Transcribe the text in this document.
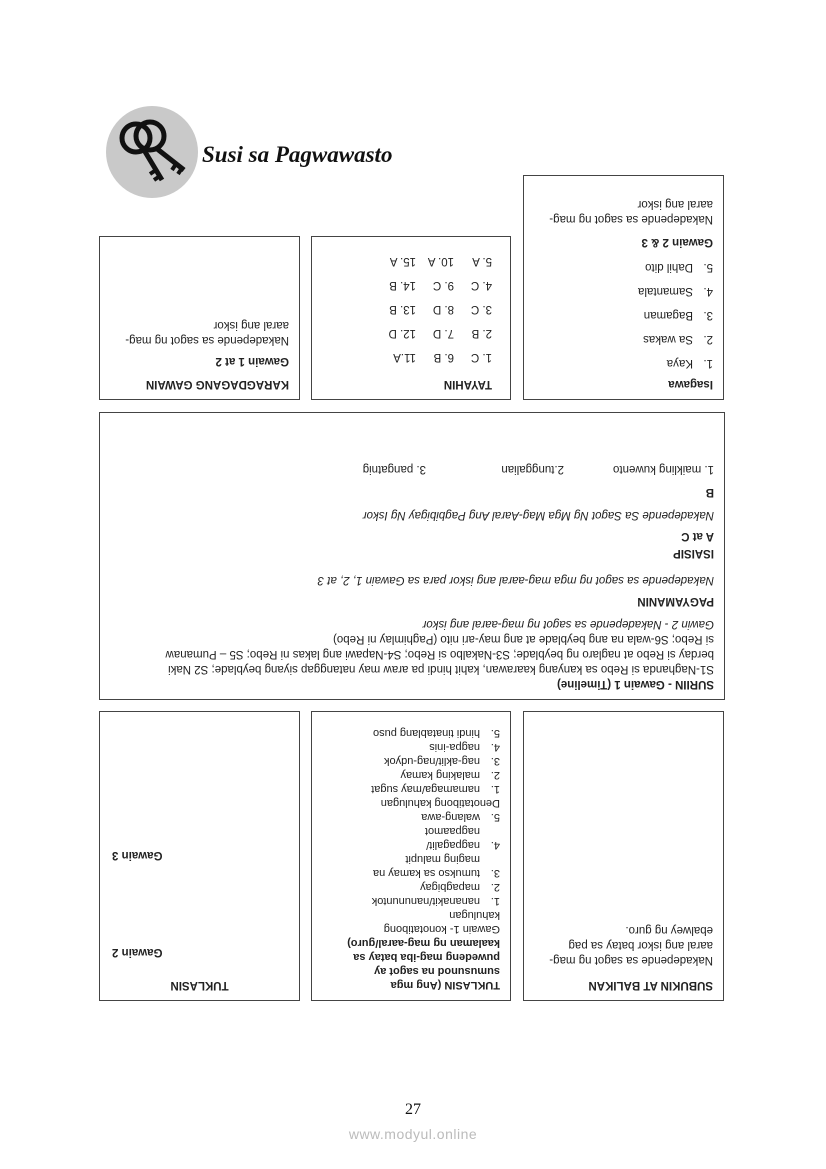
Susi sa Pagwawasto
Isagawa
1.
Kaya
2.
Sa wakas
3.
Bagaman
4.
Samantala
5.
Dahil dito
Gawain 2 & 3
Nakadepende sa sagot ng mag-
aaral ang iskor
TAYAHIN
1. C
6. B
11.A
2. B
7. D
12. D
3. C
8. D
13. B
4. C
9. C
14. B
5. A
10. A
15. A
KARAGDAGANG GAWAIN
Gawain 1 at 2
Nakadepende sa sagot ng mag-
aaral ang iskor
SURIIN - Gawain 1 (Timeline)
S1-Naghanda si Rebo sa kanyang kaarawan, kahit hindi pa araw may natanggap siyang beyblade; S2 Naki
berday si Rebo at naglaro ng beyblade; S3-Nakalbo si Rebo; S4-Napawi ang lakas ni Rebo; S5 – Pumanaw
si Rebo; S6-wala na ang beyblade at ang may-ari nito (Paghimlay ni Rebo)
Gawin 2 - Nakadepende sa sagot ng mag-aaral ang iskor
PAGYAMANIN
Nakadepende sa sagot ng mga mag-aaral ang iskor para sa Gawain 1, 2, at 3
ISAISIP
A at C
Nakadepende Sa Sagot Ng Mga Mag-Aaral Ang Pagbibigay Ng Iskor
B
1. maikling kuwento
2.tunggalian
3. pangatnig
SUBUKIN AT BALIKAN
Nakadepende sa sagot ng mag-
aaral ang iskor batay sa pag
ebalwey ng guro.
TUKLASIN (Ang mga
sumusunod na sagot ay
puwedeng mag-iba batay sa
kaalaman ng mag-aaral/guro)
Gawain 1- konotatibong
kahulugan
1.
nananakit/nanununtok
2.
mapagbigay
3.
tumukso sa kamay na
maging malupit
4.
nagpagalit/
nagpaamot
5.
walang-awa
Denotatibong kahulugan
1.
namamaga/may sugat
2.
malaking kamay
3.
nag-aklit/nag-udyok
4.
nagpa-inis
5.
hindi tinatablang puso
TUKLASIN
Gawain 2
Gawain 3
27
www.modyul.online
